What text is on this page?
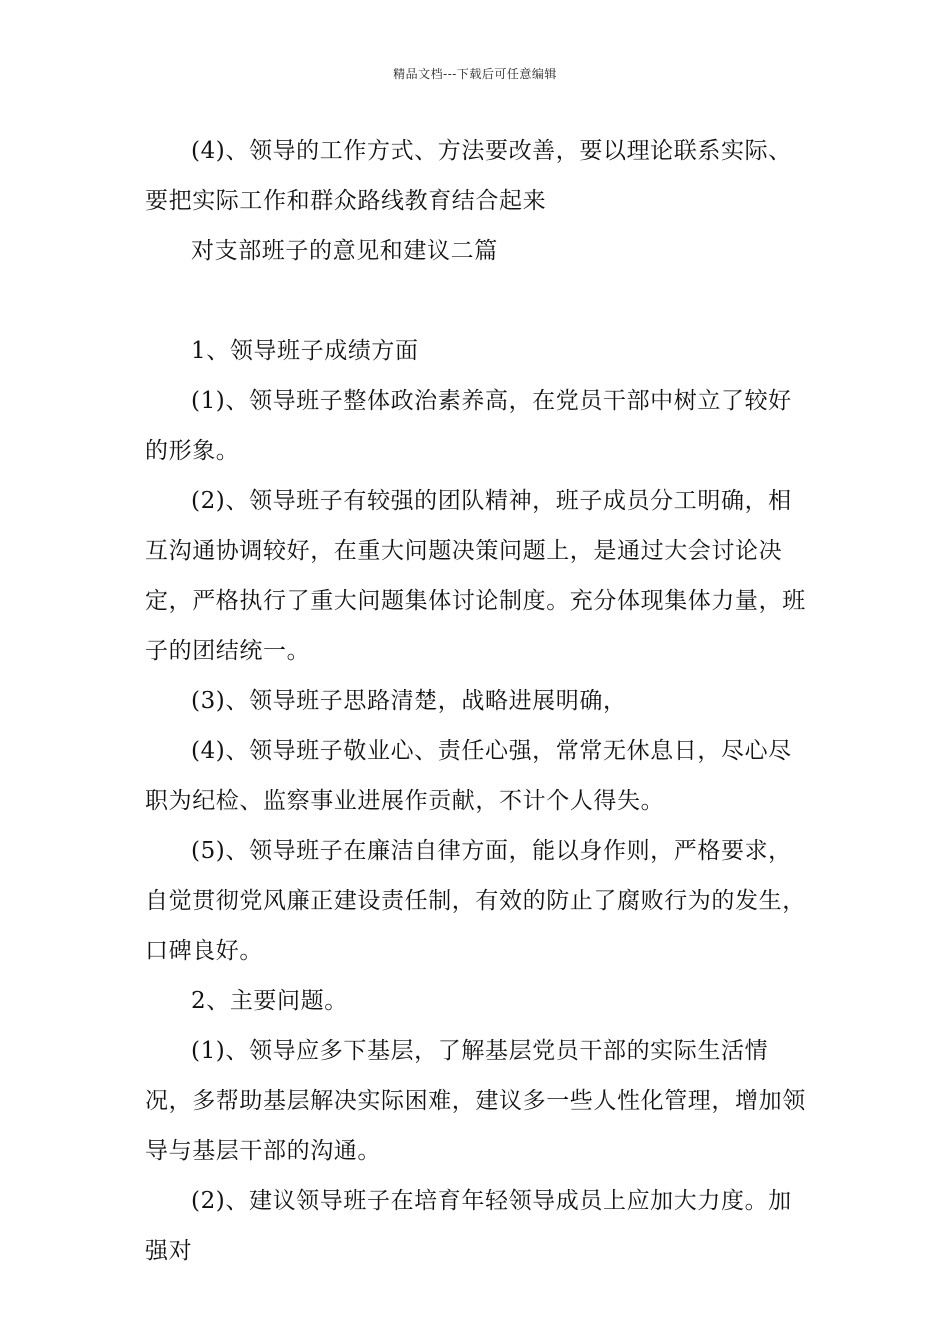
精品文档---下载后可任意编辑

(4)、领导的工作方式、方法要改善，要以理论联系实际、要把实际工作和群众路线教育结合起来

对支部班子的意见和建议二篇

1、领导班子成绩方面

(1)、领导班子整体政治素养高，在党员干部中树立了较好的形象。

(2)、领导班子有较强的团队精神，班子成员分工明确，相互沟通协调较好，在重大问题决策问题上，是通过大会讨论决定，严格执行了重大问题集体讨论制度。充分体现集体力量，班子的团结统一。

(3)、领导班子思路清楚，战略进展明确，

(4)、领导班子敬业心、责任心强，常常无休息日，尽心尽职为纪检、监察事业进展作贡献，不计个人得失。

(5)、领导班子在廉洁自律方面，能以身作则，严格要求，自觉贯彻党风廉正建设责任制，有效的防止了腐败行为的发生，口碑良好。

2、主要问题。

(1)、领导应多下基层，了解基层党员干部的实际生活情况，多帮助基层解决实际困难，建议多一些人性化管理，增加领导与基层干部的沟通。

(2)、建议领导班子在培育年轻领导成员上应加大力度。加强对
